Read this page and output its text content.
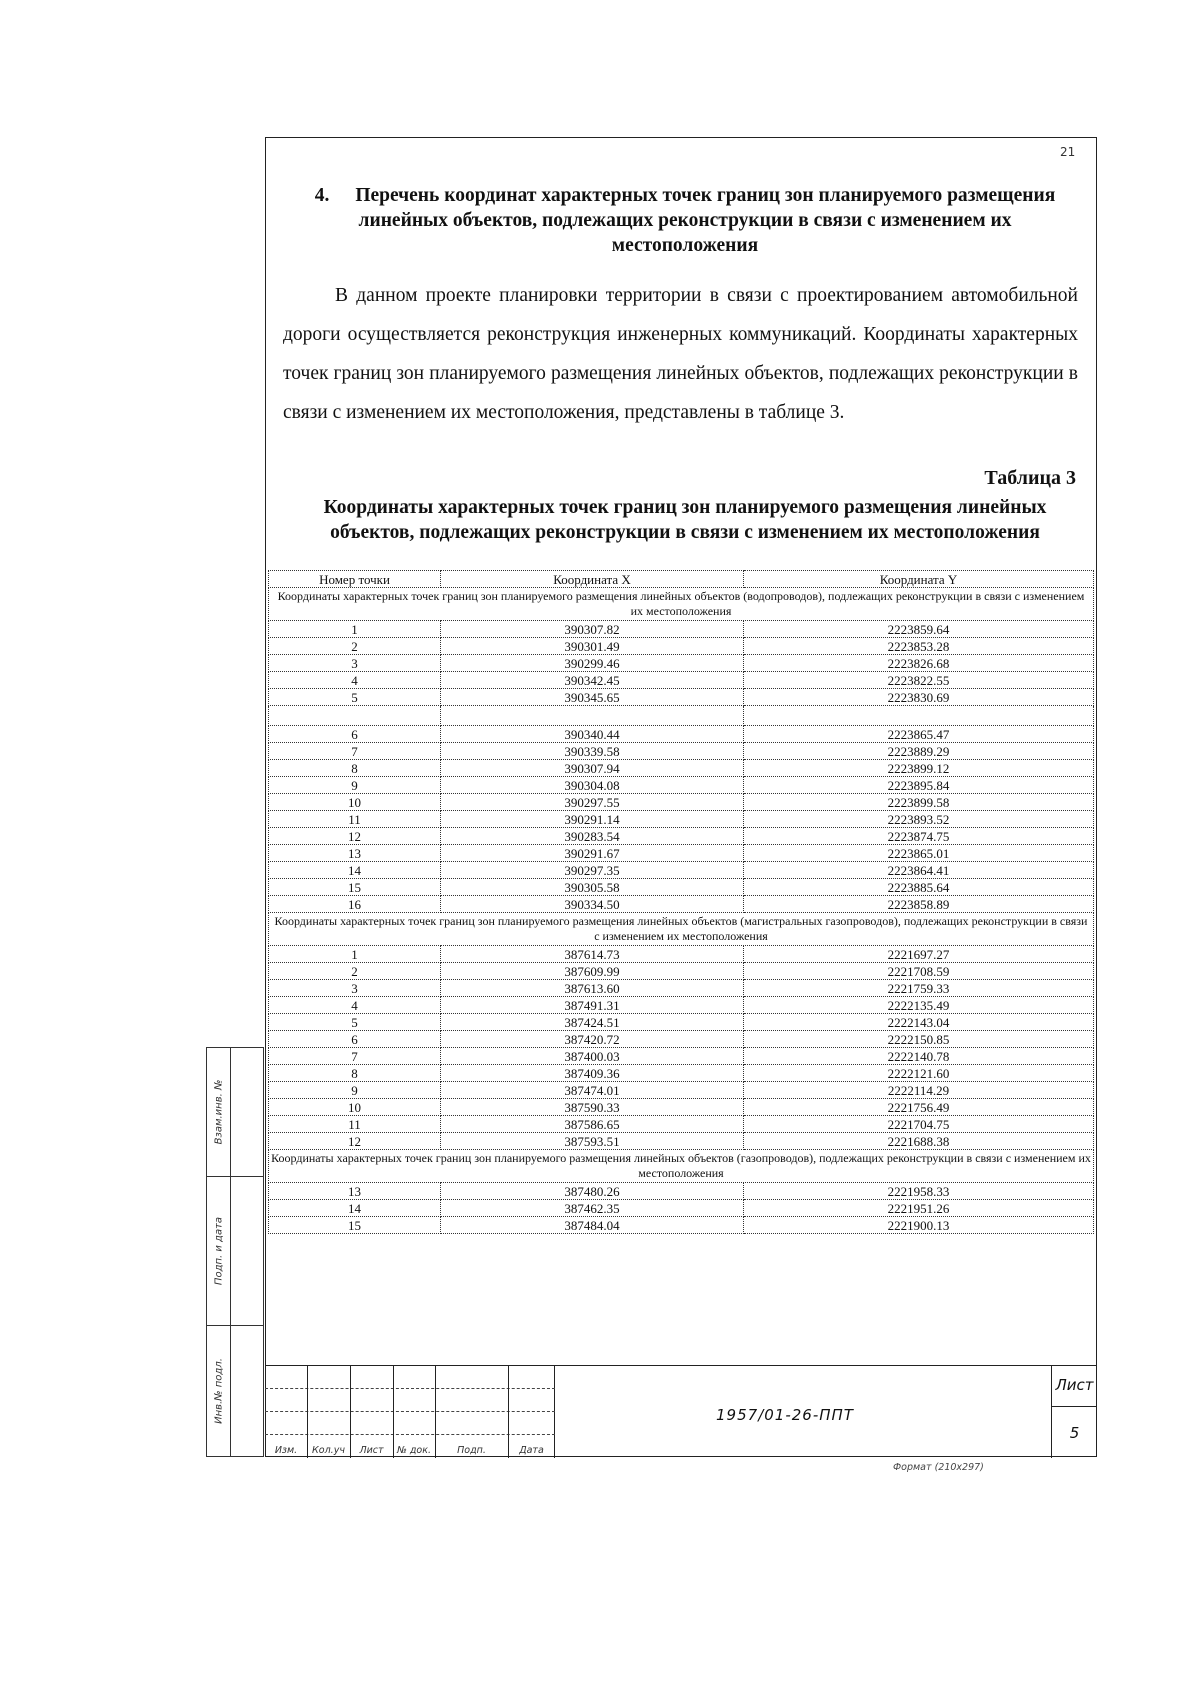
21
4. Перечень координат характерных точек границ зон планируемого размещения линейных объектов, подлежащих реконструкции в связи с изменением их местоположения

В данном проекте планировки территории в связи с проектированием автомобильной дороги осуществляется реконструкция инженерных коммуникаций. Координаты характерных точек границ зон планируемого размещения линейных объектов, подлежащих реконструкции в связи с изменением их местоположения, представлены в таблице 3.

Таблица 3
Координаты характерных точек границ зон планируемого размещения линейных объектов, подлежащих реконструкции в связи с изменением их местоположения
Номер точки	Координата X	Координата Y
Координаты характерных точек границ зон планируемого размещения линейных объектов (водопроводов), подлежащих реконструкции в связи с изменением их местоположения		
1	390307.82	2223859.64
2	390301.49	2223853.28
3	390299.46	2223826.68
4	390342.45	2223822.55
5	390345.65	2223830.69

6	390340.44	2223865.47
7	390339.58	2223889.29
8	390307.94	2223899.12
9	390304.08	2223895.84
10	390297.55	2223899.58
11	390291.14	2223893.52
12	390283.54	2223874.75
13	390291.67	2223865.01
14	390297.35	2223864.41
15	390305.58	2223885.64
16	390334.50	2223858.89
Координаты характерных точек границ зон планируемого размещения линейных объектов (магистральных газопроводов), подлежащих реконструкции в связи с изменением их местоположения		
1	387614.73	2221697.27
2	387609.99	2221708.59
3	387613.60	2221759.33
4	387491.31	2222135.49
5	387424.51	2222143.04
6	387420.72	2222150.85
7	387400.03	2222140.78
8	387409.36	2222121.60
9	387474.01	2222114.29
10	387590.33	2221756.49
11	387586.65	2221704.75
12	387593.51	2221688.38
Координаты характерных точек границ зон планируемого размещения линейных объектов (газопроводов), подлежащих реконструкции в связи с изменением их местоположения		
13	387480.26	2221958.33
14	387462.35	2221951.26
15	387484.04	2221900.13
Взам.инв. №
Подп. и дата
Инв.№ подл.
Изм.	Кол.уч	Лист	№ док.	Подп.	Дата
1957/01-26-ППТ
Лист
5
Формат (210х297)
